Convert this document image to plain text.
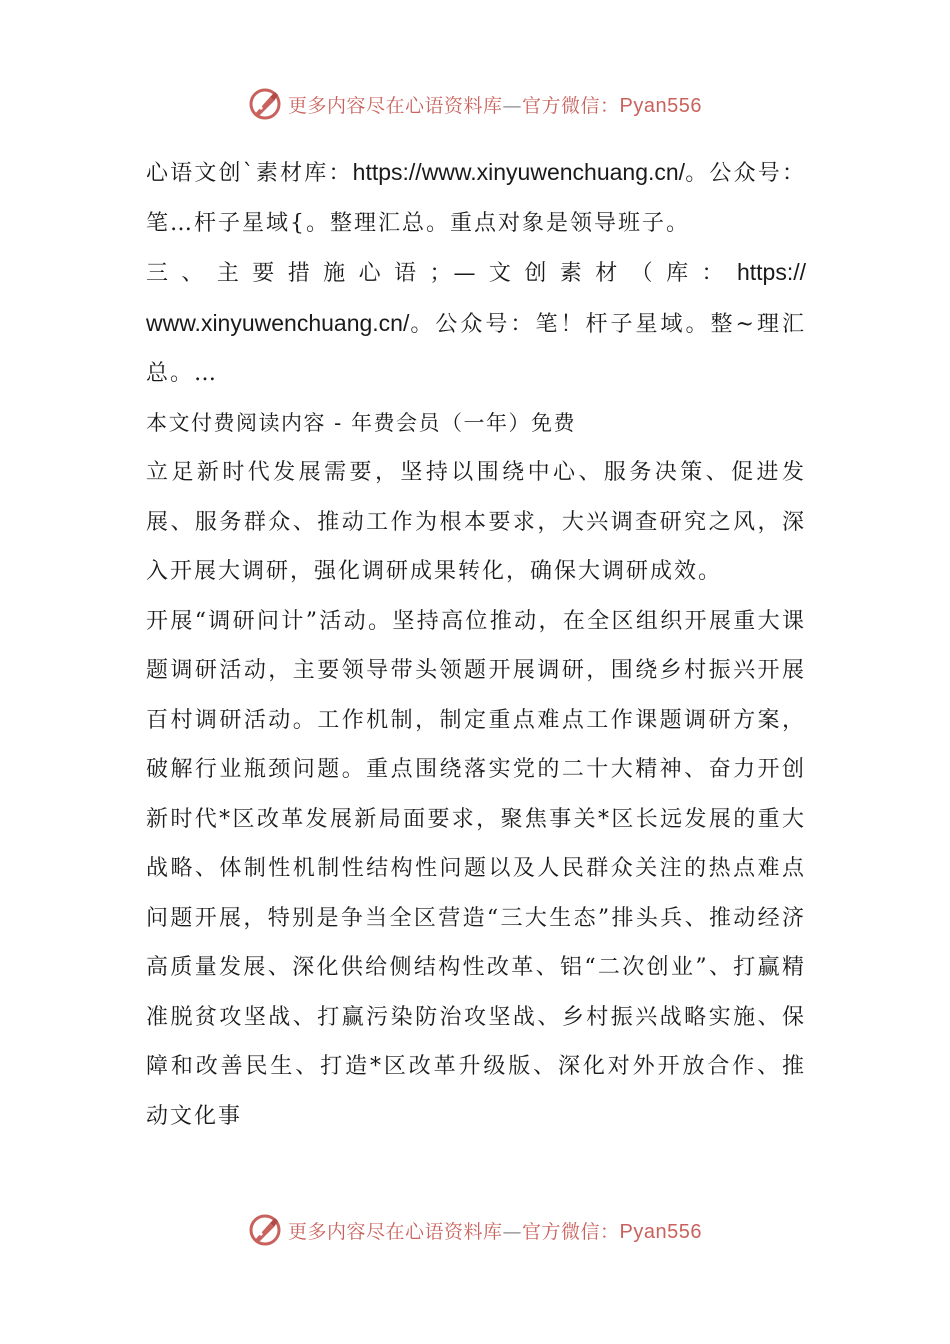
更多内容尽在心语资料库—官方微信：Pyan556

心语文创`素材库：https://www.xinyuwenchuang.cn/。公众号：笔…杆子星域{。整理汇总。重点对象是领导班子。

三、主要措施心语；—文创素材（库：https://

www.xinyuwenchuang.cn/。公众号：笔！杆子星域。整~理汇总。…

本文付费阅读内容 - 年费会员（一年）免费

立足新时代发展需要，坚持以围绕中心、服务决策、促进发展、服务群众、推动工作为根本要求，大兴调查研究之风，深入开展大调研，强化调研成果转化，确保大调研成效。

开展“调研问计”活动。坚持高位推动，在全区组织开展重大课题调研活动，主要领导带头领题开展调研，围绕乡村振兴开展百村调研活动。工作机制，制定重点难点工作课题调研方案，破解行业瓶颈问题。重点围绕落实党的二十大精神、奋力开创新时代*区改革发展新局面要求，聚焦事关*区长远发展的重大战略、体制性机制性结构性问题以及人民群众关注的热点难点问题开展，特别是争当全区营造“三大生态”排头兵、推动经济高质量发展、深化供给侧结构性改革、铝“二次创业”、打赢精准脱贫攻坚战、打赢污染防治攻坚战、乡村振兴战略实施、保障和改善民生、打造*区改革升级版、深化对外开放合作、推动文化事

更多内容尽在心语资料库—官方微信：Pyan556
